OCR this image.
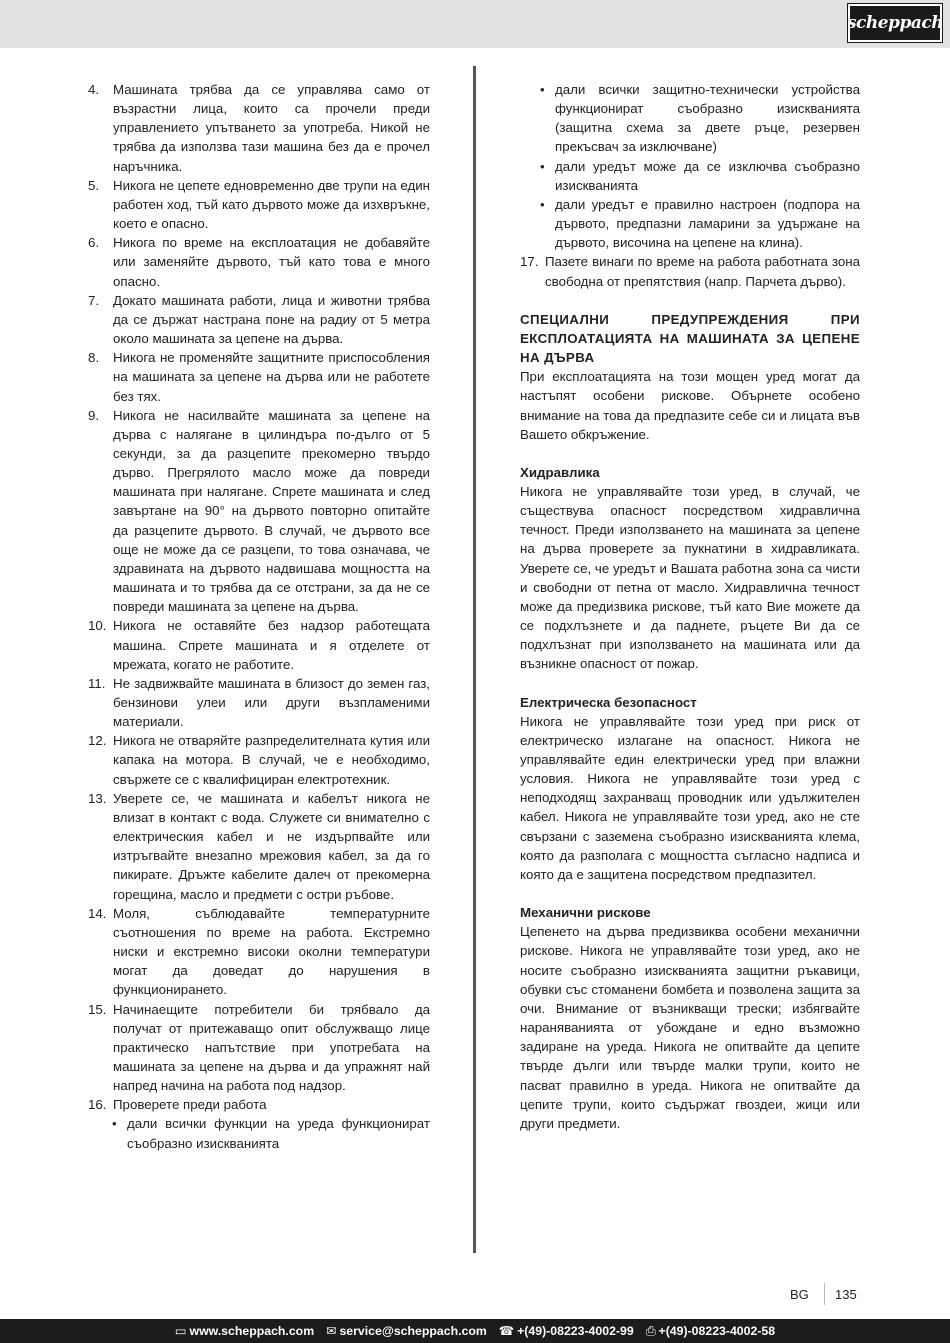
scheppach
4.	Машината трябва да се управлява само от възрастни лица, които са прочели преди управлението упътването за употреба. Никой не трябва да използва тази машина без да е прочел наръчника.
5.	Никога не цепете едновременно две трупи на един работен ход, тъй като дървото може да изхвръкне, което е опасно.
6.	Никога по време на експлоатация не добавяйте или заменяйте дървото, тъй като това е много опасно.
7.	Докато машината работи, лица и животни трябва да се държат настрана поне на радиу от 5 метра около машината за цепене на дърва.
8.	Никога не променяйте защитните приспособления на машината за цепене на дърва или не работете без тях.
9.	Никога не насилвайте машината за цепене на дърва с налягане в цилиндъра по-дълго от 5 секунди, за да разцепите прекомерно твърдо дърво. Прегрялото масло може да повреди машината при налягане. Спрете машината и след завъртане на 90° на дървото повторно опитайте да разцепите дървото. В случай, че дървото все още не може да се разцепи, то това означава, че здравината на дървото надвишава мощността на машината и то трябва да се отстрани, за да не се повреди машината за цепене на дърва.
10. Никога не оставяйте без надзор работещата машина. Спрете машината и я отделете от мрежата, когато не работите.
11. Не задвижвайте машината в близост до земен газ, бензинови улеи или други възпламеними материали.
12. Никога не отваряйте разпределителната кутия или капака на мотора. В случай, че е необходимо, свържете се с квалифициран електротехник.
13. Уверете се, че машината и кабелът никога не влизат в контакт с вода. Служете си внимателно с електрическия кабел и не издърпвайте или изтръгвайте внезапно мрежовия кабел, за да го пикирате. Дръжте кабелите далеч от прекомерна горещина, масло и предмети с остри ръбове.
14. Моля, съблюдавайте температурните съотношения по време на работа. Екстремно ниски и екстремно високи околни температури могат да доведат до нарушения в функционирането.
15. Начинаещите потребители би трябвало да получат от притежаващо опит обслужващо лице практическо напътствие при употребата на машината за цепене на дърва и да упражнят най напред начина на работа под надзор.
16. Проверете преди работа
• дали всички функции на уреда функционират съобразно изискванията
• дали всички защитно-технически устройства функционират съобразно изискванията (защитна схема за двете ръце, резервен прекъсвач за изключване)
• дали уредът може да се изключва съобразно изискванията
• дали уредът е правилно настроен (подпора на дървото, предпазни ламарини за удържане на дървото, височина на цепене на клина).
17. Пазете винаги по време на работа работната зона свободна от препятствия (напр. Парчета дърво).
СПЕЦИАЛНИ ПРЕДУПРЕЖДЕНИЯ ПРИ ЕКСПЛОАТАЦИЯТА НА МАШИНАТА ЗА ЦЕПЕНЕ НА ДЪРВА
При експлоатацията на този мощен уред могат да настъпят особени рискове. Обърнете особено внимание на това да предпазите себе си и лицата във Вашето обкръжение.
Хидравлика
Никога не управлявайте този уред, в случай, че съществува опасност посредством хидравлична течност. Преди използването на машината за цепене на дърва проверете за пукнатини в хидравликата. Уверете се, че уредът и Вашата работна зона са чисти и свободни от петна от масло. Хидравлична течност може да предизвика рискове, тъй като Вие можете да се подхлъзнете и да паднете, ръцете Ви да се подхлъзнат при използването на машината или да възникне опасност от пожар.
Електрическа безопасност
Никога не управлявайте този уред при риск от електрическо излагане на опасност. Никога не управлявайте един електрически уред при влажни условия. Никога не управлявайте този уред с неподходящ захранващ проводник или удължителен кабел. Никога не управлявайте този уред, ако не сте свързани с заземена съобразно изискванията клема, която да разполага с мощността съгласно надписа и която да е защитена посредством предпазител.
Механични рискове
Цепенето на дърва предизвиква особени механични рискове. Никога не управлявайте този уред, ако не носите съобразно изискванията защитни ръкавици, обувки със стоманени бомбета и позволена защита за очи. Внимание от възникващи трески; избягвайте нараняванията от убождане и едно възможно задиране на уреда. Никога не опитвайте да цепите твърде дълги или твърде малки трупи, които не пасват правилно в уреда. Никога не опитвайте да цепите трупи, които съдържат гвоздеи, жици или други предмети.
BG	135
▭ www.scheppach.com ✉ service@scheppach.com ☎ +(49)-08223-4002-99 ⎙ +(49)-08223-4002-58
